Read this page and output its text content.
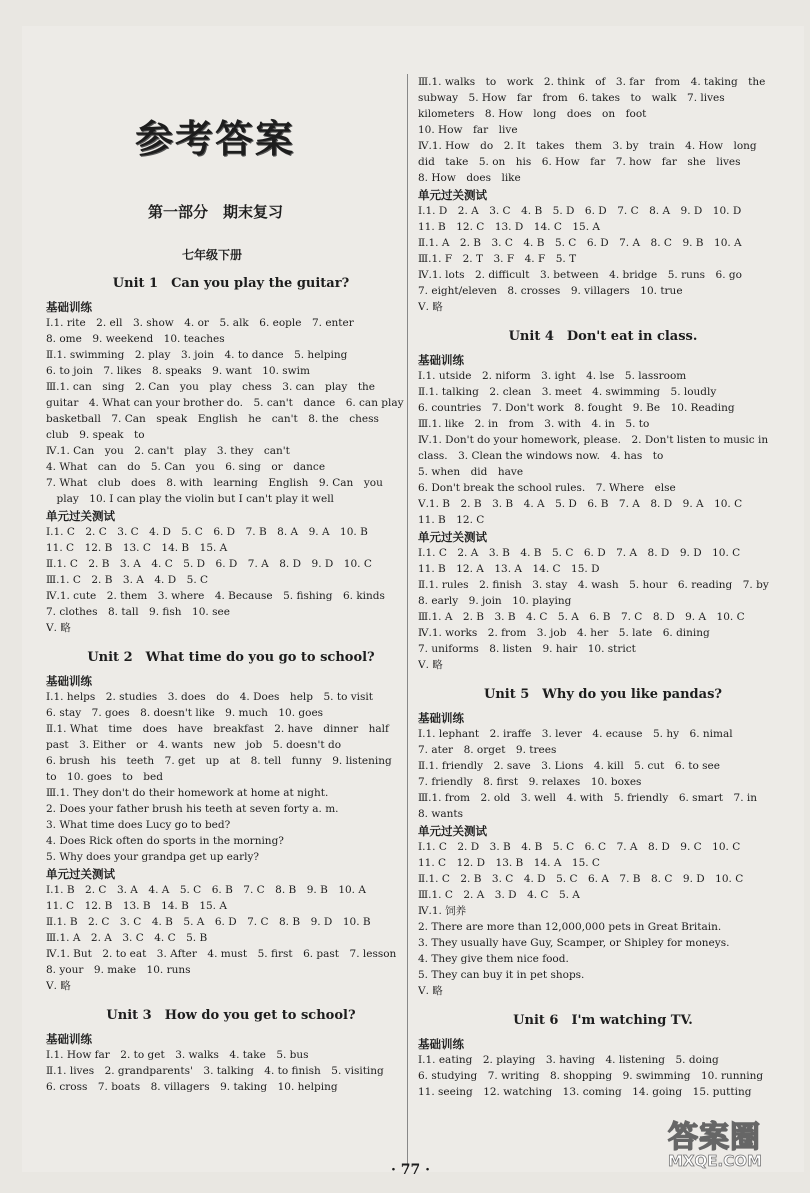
参考答案
第一部分　期末复习
七年级下册
Unit 1　Can you play the guitar?
基础训练
Ⅰ.1. rite　2. ell　3. show　4. or　5. alk　6. eople　7. enter
8. ome　9. weekend　10. teaches
Ⅱ.1. swimming　2. play　3. join　4. to dance　5. helping
6. to join　7. likes　8. speaks　9. want　10. swim
Ⅲ.1. can　sing　2. Can　you　play　chess　3. can　play　the
guitar　4. What can your brother do.　5. can't　dance　6. can play
basketball　7. Can　speak　English　he　can't　8. the　chess
club　9. speak　to
Ⅳ.1. Can　you　2. can't　play　3. they　can't
4. What　can　do　5. Can　you　6. sing　or　dance
7. What　club　does　8. with　learning　English　9. Can　you
　play　10. I can play the violin but I can't play it well
单元过关测试
Ⅰ.1. C　2. C　3. C　4. D　5. C　6. D　7. B　8. A　9. A　10. B
11. C　12. B　13. C　14. B　15. A
Ⅱ.1. C　2. B　3. A　4. C　5. D　6. D　7. A　8. D　9. D　10. C
Ⅲ.1. C　2. B　3. A　4. D　5. C
Ⅳ.1. cute　2. them　3. where　4. Because　5. fishing　6. kinds
7. clothes　8. tall　9. fish　10. see
Ⅴ. 略
Unit 2　What time do you go to school?
基础训练
Ⅰ.1. helps　2. studies　3. does　do　4. Does　help　5. to visit
6. stay　7. goes　8. doesn't like　9. much　10. goes
Ⅱ.1. What　time　does　have　breakfast　2. have　dinner　half
past　3. Either　or　4. wants　new　job　5. doesn't do
6. brush　his　teeth　7. get　up　at　8. tell　funny　9. listening
to　10. goes　to　bed
Ⅲ.1. They don't do their homework at home at night.
2. Does your father brush his teeth at seven forty a. m.
3. What time does Lucy go to bed?
4. Does Rick often do sports in the morning?
5. Why does your grandpa get up early?
单元过关测试
Ⅰ.1. B　2. C　3. A　4. A　5. C　6. B　7. C　8. B　9. B　10. A
11. C　12. B　13. B　14. B　15. A
Ⅱ.1. B　2. C　3. C　4. B　5. A　6. D　7. C　8. B　9. D　10. B
Ⅲ.1. A　2. A　3. C　4. C　5. B
Ⅳ.1. But　2. to eat　3. After　4. must　5. first　6. past　7. lesson
8. your　9. make　10. runs
Ⅴ. 略
Unit 3　How do you get to school?
基础训练
Ⅰ.1. How far　2. to get　3. walks　4. take　5. bus
Ⅱ.1. lives　2. grandparents'　3. talking　4. to finish　5. visiting
6. cross　7. boats　8. villagers　9. taking　10. helping
Ⅲ.1. walks　to　work　2. think　of　3. far　from　4. taking　the
subway　5. How　far　from　6. takes　to　walk　7. lives
kilometers　8. How　long　does　on　foot
10. How　far　live
Ⅳ.1. How　do　2. It　takes　them　3. by　train　4. How　long
did　take　5. on　his　6. How　far　7. how　far　she　lives
8. How　does　like
单元过关测试
Ⅰ.1. D　2. A　3. C　4. B　5. D　6. D　7. C　8. A　9. D　10. D
11. B　12. C　13. D　14. C　15. A
Ⅱ.1. A　2. B　3. C　4. B　5. C　6. D　7. A　8. C　9. B　10. A
Ⅲ.1. F　2. T　3. F　4. F　5. T
Ⅳ.1. lots　2. difficult　3. between　4. bridge　5. runs　6. go
7. eight/eleven　8. crosses　9. villagers　10. true
Ⅴ. 略
Unit 4　Don't eat in class.
基础训练
Ⅰ.1. utside　2. niform　3. ight　4. lse　5. lassroom
Ⅱ.1. talking　2. clean　3. meet　4. swimming　5. loudly
6. countries　7. Don't work　8. fought　9. Be　10. Reading
Ⅲ.1. like　2. in　from　3. with　4. in　5. to
Ⅳ.1. Don't do your homework, please.　2. Don't listen to music in
class.　3. Clean the windows now.　4. has　to
5. when　did　have
6. Don't break the school rules.　7. Where　else
Ⅴ.1. B　2. B　3. B　4. A　5. D　6. B　7. A　8. D　9. A　10. C
11. B　12. C
单元过关测试
Ⅰ.1. C　2. A　3. B　4. B　5. C　6. D　7. A　8. D　9. D　10. C
11. B　12. A　13. A　14. C　15. D
Ⅱ.1. rules　2. finish　3. stay　4. wash　5. hour　6. reading　7. by
8. early　9. join　10. playing
Ⅲ.1. A　2. B　3. B　4. C　5. A　6. B　7. C　8. D　9. A　10. C
Ⅳ.1. works　2. from　3. job　4. her　5. late　6. dining
7. uniforms　8. listen　9. hair　10. strict
Ⅴ. 略
Unit 5　Why do you like pandas?
基础训练
Ⅰ.1. lephant　2. iraffe　3. lever　4. ecause　5. hy　6. nimal
7. ater　8. orget　9. trees
Ⅱ.1. friendly　2. save　3. Lions　4. kill　5. cut　6. to see
7. friendly　8. first　9. relaxes　10. boxes
Ⅲ.1. from　2. old　3. well　4. with　5. friendly　6. smart　7. in
8. wants
单元过关测试
Ⅰ.1. C　2. D　3. B　4. B　5. C　6. C　7. A　8. D　9. C　10. C
11. C　12. D　13. B　14. A　15. C
Ⅱ.1. C　2. B　3. C　4. D　5. C　6. A　7. B　8. C　9. D　10. C
Ⅲ.1. C　2. A　3. D　4. C　5. A
Ⅳ.1. 饲养
2. There are more than 12,000,000 pets in Great Britain.
3. They usually have Guy, Scamper, or Shipley for moneys.
4. They give them nice food.
5. They can buy it in pet shops.
Ⅴ. 略
Unit 6　I'm watching TV.
基础训练
Ⅰ.1. eating　2. playing　3. having　4. listening　5. doing
6. studying　7. writing　8. shopping　9. swimming　10. running
11. seeing　12. watching　13. coming　14. going　15. putting
· 77 ·
答案圈
MXQE.COM
